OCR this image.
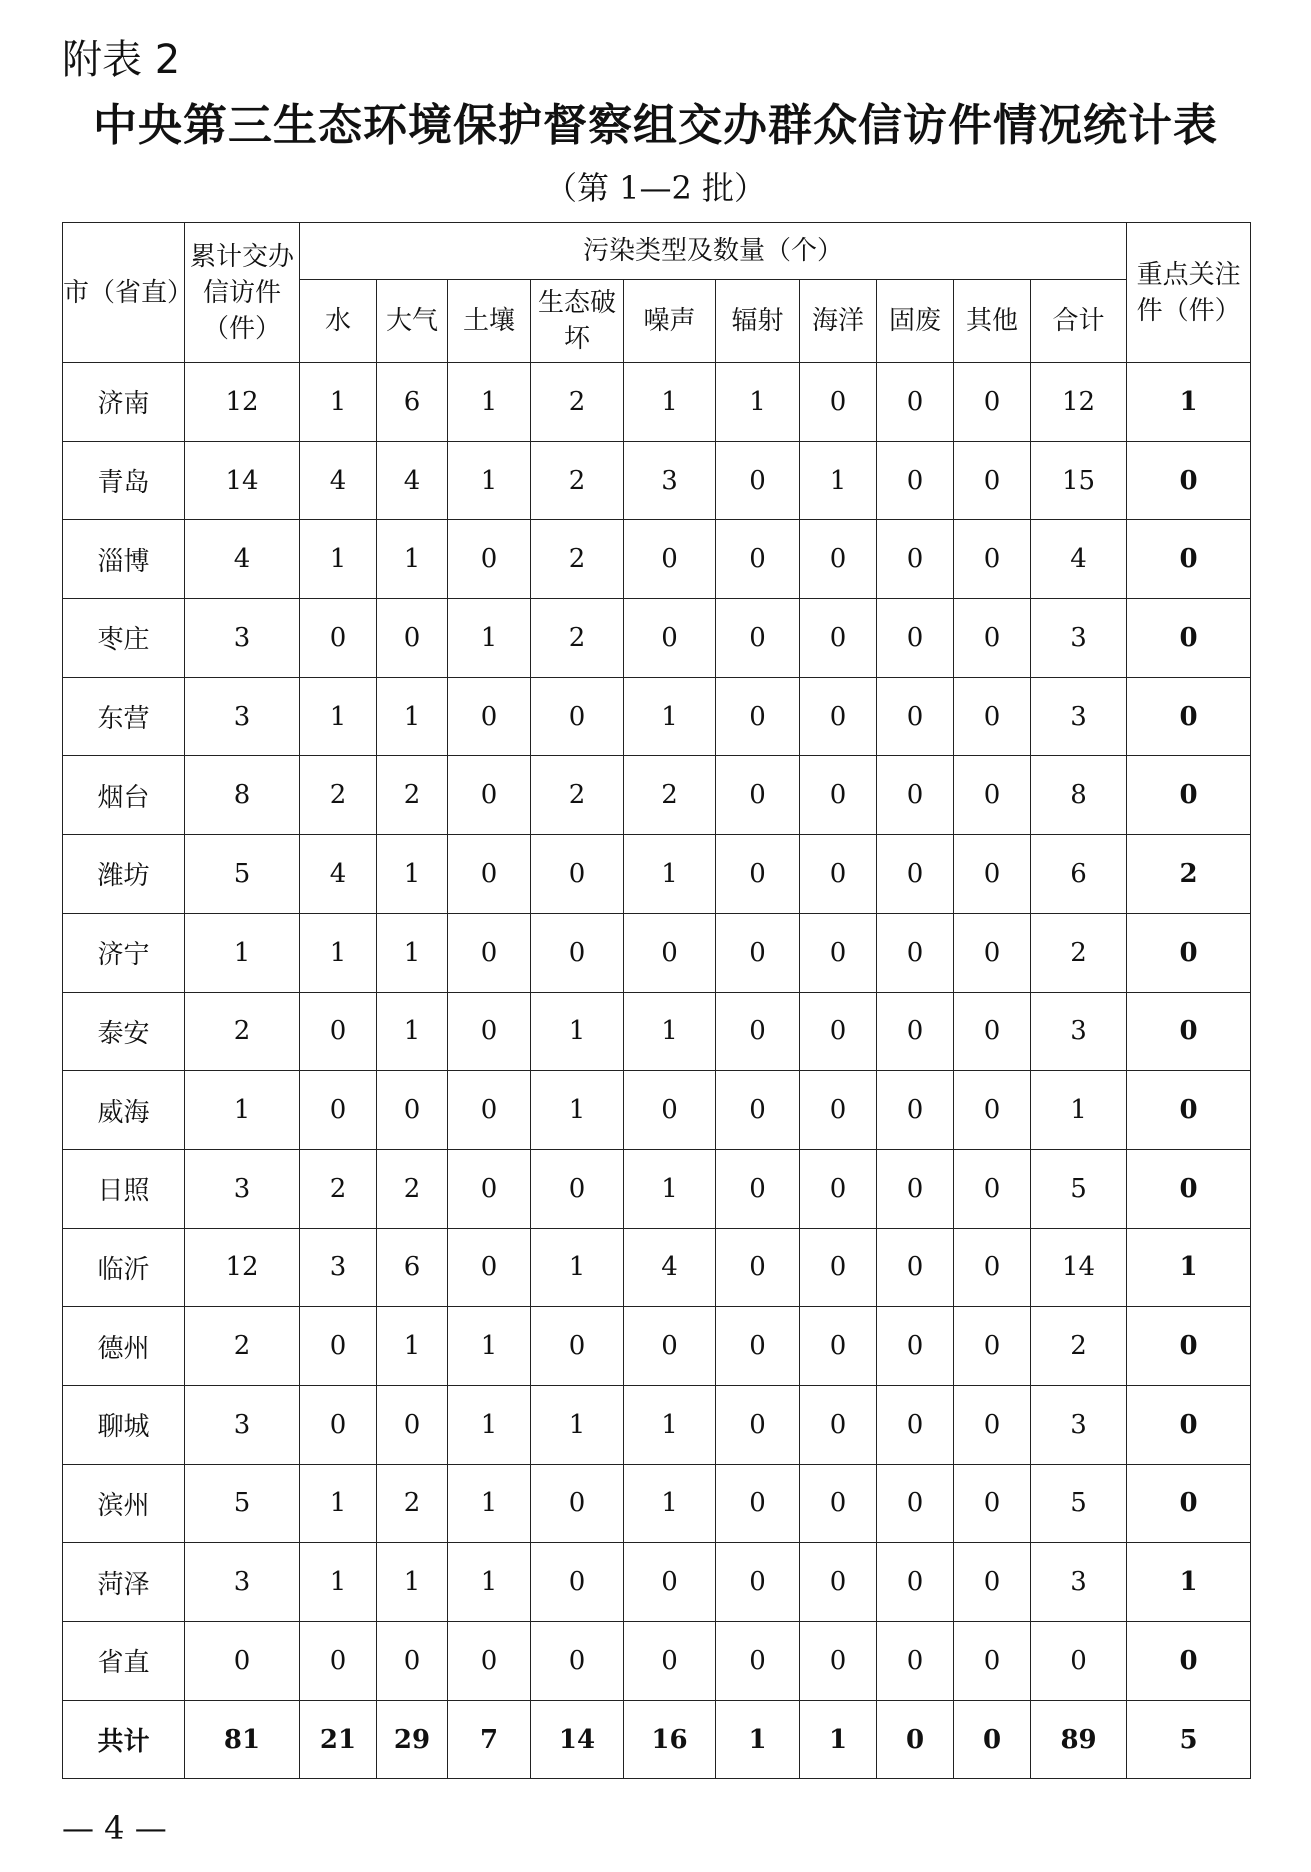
附表 2
中央第三生态环境保护督察组交办群众信访件情况统计表
（第 1—2 批）
市（省直）	累计交办信访件（件）	污染类型及数量（个）										重点关注件（件）
		水	大气	土壤	生态破坏	噪声	辐射	海洋	固废	其他	合计	
济南	12	1	6	1	2	1	1	0	0	0	12	1
青岛	14	4	4	1	2	3	0	1	0	0	15	0
淄博	4	1	1	0	2	0	0	0	0	0	4	0
枣庄	3	0	0	1	2	0	0	0	0	0	3	0
东营	3	1	1	0	0	1	0	0	0	0	3	0
烟台	8	2	2	0	2	2	0	0	0	0	8	0
潍坊	5	4	1	0	0	1	0	0	0	0	6	2
济宁	1	1	1	0	0	0	0	0	0	0	2	0
泰安	2	0	1	0	1	1	0	0	0	0	3	0
威海	1	0	0	0	1	0	0	0	0	0	1	0
日照	3	2	2	0	0	1	0	0	0	0	5	0
临沂	12	3	6	0	1	4	0	0	0	0	14	1
德州	2	0	1	1	0	0	0	0	0	0	2	0
聊城	3	0	0	1	1	1	0	0	0	0	3	0
滨州	5	1	2	1	0	1	0	0	0	0	5	0
菏泽	3	1	1	1	0	0	0	0	0	0	3	1
省直	0	0	0	0	0	0	0	0	0	0	0	0
共计	81	21	29	7	14	16	1	1	0	0	89	5
— 4 —
